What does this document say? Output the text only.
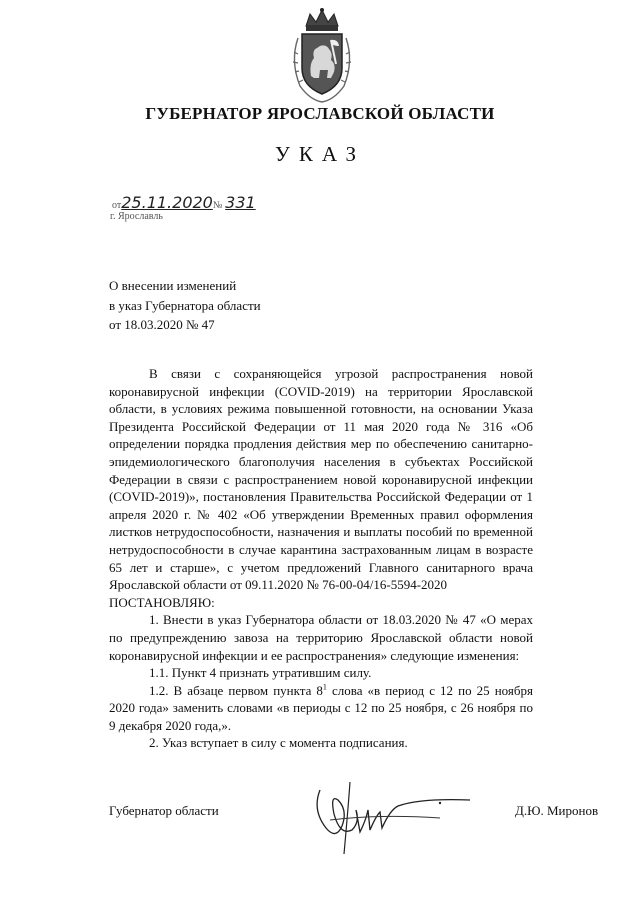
ГУБЕРНАТОР ЯРОСЛАВСКОЙ ОБЛАСТИ
УКАЗ
от25.11.2020№ 331
г. Ярославль
О внесении изменений
в указ Губернатора области
от 18.03.2020 № 47

В связи с сохраняющейся угрозой распространения новой коронавирусной инфекции (COVID-2019) на территории Ярославской области, в условиях режима повышенной готовности, на основании Указа Президента Российской Федерации от 11 мая 2020 года № 316 «Об определении порядка продления действия мер по обеспечению санитарно-эпидемиологического благополучия населения в субъектах Российской Федерации в связи с распространением новой коронавирусной инфекции (COVID-2019)», постановления Правительства Российской Федерации от 1 апреля 2020 г. № 402 «Об утверждении Временных правил оформления листков нетрудоспособности, назначения и выплаты пособий по временной нетрудоспособности в случае карантина застрахованным лицам в возрасте 65 лет и старше», с учетом предложений Главного санитарного врача Ярославской области от 09.11.2020 № 76-00-04/16-5594-2020

ПОСТАНОВЛЯЮ:

1. Внести в указ Губернатора области от 18.03.2020 № 47 «О мерах по предупреждению завоза на территорию Ярославской области новой коронавирусной инфекции и ее распространения» следующие изменения:

1.1. Пункт 4 признать утратившим силу.

1.2. В абзаце первом пункта $8^1$ слова «в период с 12 по 25 ноября 2020 года» заменить словами «в периоды с 12 по 25 ноября, с 26 ноября по 9 декабря 2020 года,».

2. Указ вступает в силу с момента подписания.

Губернатор области	Д.Ю. Миронов
